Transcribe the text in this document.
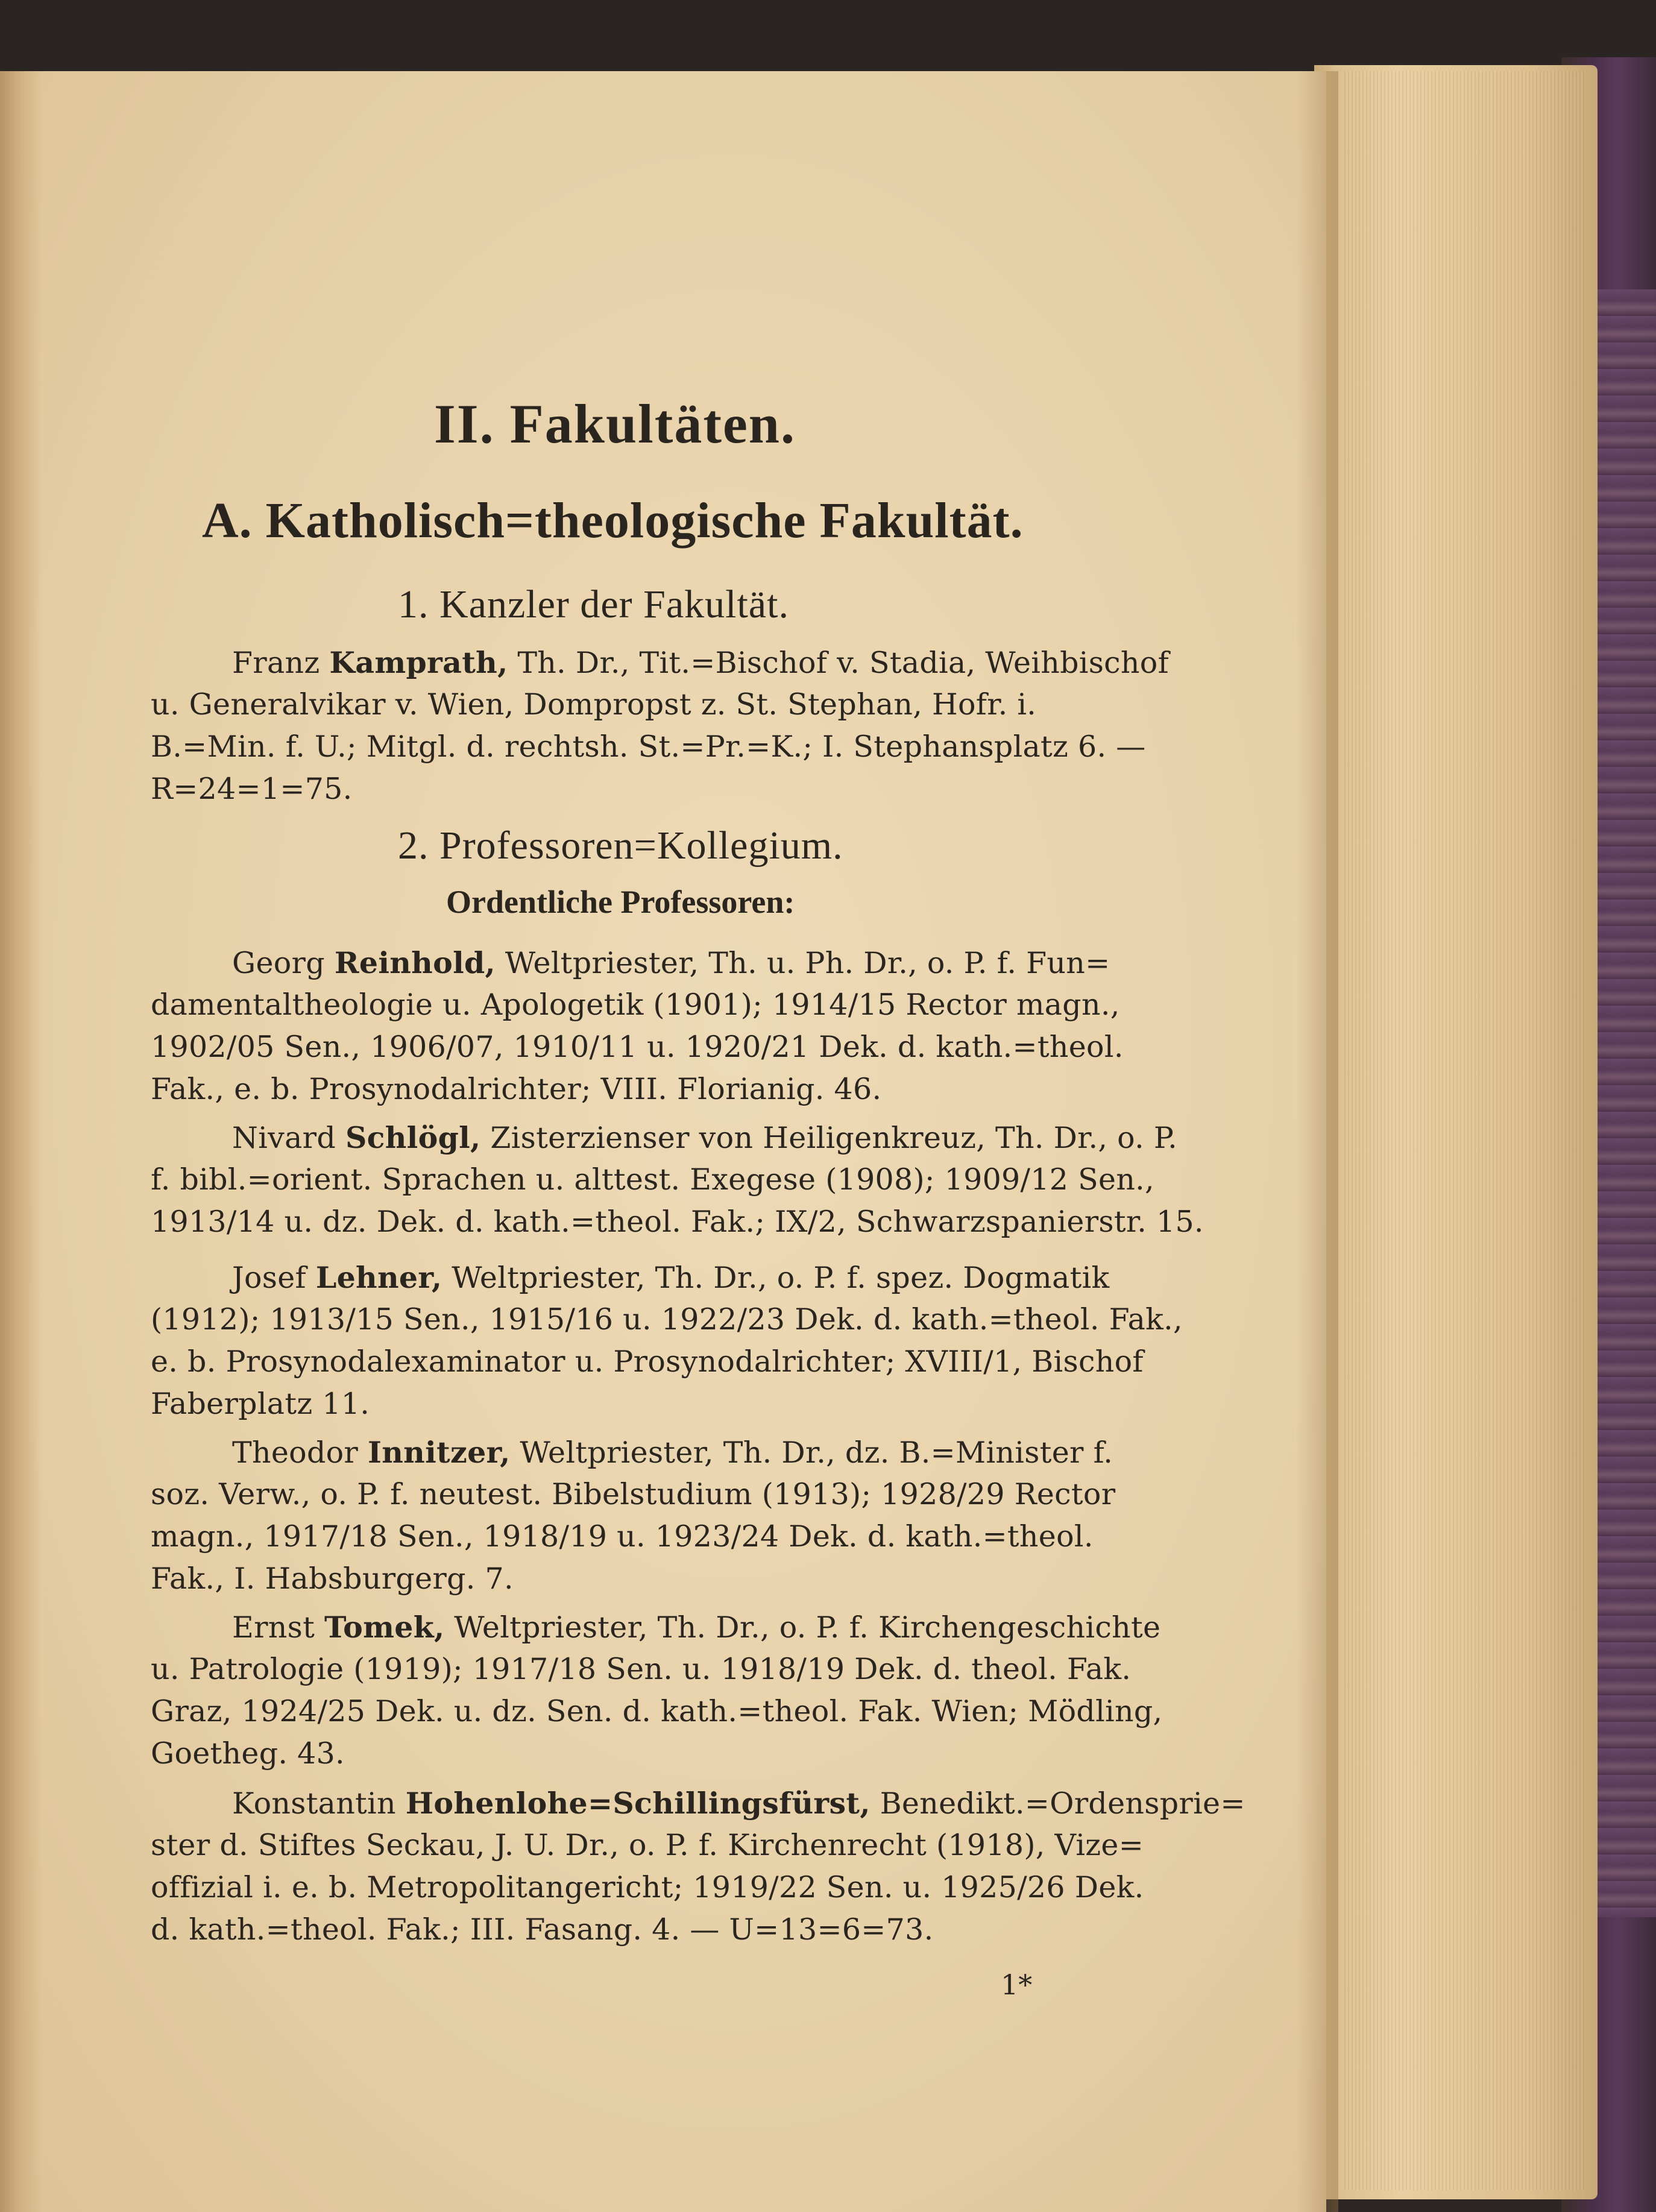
II. Fakultäten.
A. Katholisch=theologische Fakultät.
1. Kanzler der Fakultät.
Franz Kamprath, Th. Dr., Tit.=Bischof v. Stadia, Weihbischof
u. Generalvikar v. Wien, Dompropst z. St. Stephan, Hofr. i.
B.=Min. f. U.; Mitgl. d. rechtsh. St.=Pr.=K.; I. Stephansplatz 6. —
R=24=1=75.
2. Professoren=Kollegium.
Ordentliche Professoren:
Georg Reinhold, Weltpriester, Th. u. Ph. Dr., o. P. f. Fun=
damentaltheologie u. Apologetik (1901); 1914/15 Rector magn.,
1902/05 Sen., 1906/07, 1910/11 u. 1920/21 Dek. d. kath.=theol.
Fak., e. b. Prosynodalrichter; VIII. Florianig. 46.
Nivard Schlögl, Zisterzienser von Heiligenkreuz, Th. Dr., o. P.
f. bibl.=orient. Sprachen u. alttest. Exegese (1908); 1909/12 Sen.,
1913/14 u. dz. Dek. d. kath.=theol. Fak.; IX/2, Schwarzspanierstr. 15.
Josef Lehner, Weltpriester, Th. Dr., o. P. f. spez. Dogmatik
(1912); 1913/15 Sen., 1915/16 u. 1922/23 Dek. d. kath.=theol. Fak.,
e. b. Prosynodalexaminator u. Prosynodalrichter; XVIII/1, Bischof
Faberplatz 11.
Theodor Innitzer, Weltpriester, Th. Dr., dz. B.=Minister f.
soz. Verw., o. P. f. neutest. Bibelstudium (1913); 1928/29 Rector
magn., 1917/18 Sen., 1918/19 u. 1923/24 Dek. d. kath.=theol.
Fak., I. Habsburgerg. 7.
Ernst Tomek, Weltpriester, Th. Dr., o. P. f. Kirchengeschichte
u. Patrologie (1919); 1917/18 Sen. u. 1918/19 Dek. d. theol. Fak.
Graz, 1924/25 Dek. u. dz. Sen. d. kath.=theol. Fak. Wien; Mödling,
Goetheg. 43.
Konstantin Hohenlohe=Schillingsfürst, Benedikt.=Ordensprie=
ster d. Stiftes Seckau, J. U. Dr., o. P. f. Kirchenrecht (1918), Vize=
offizial i. e. b. Metropolitangericht; 1919/22 Sen. u. 1925/26 Dek.
d. kath.=theol. Fak.; III. Fasang. 4. — U=13=6=73.
1*
